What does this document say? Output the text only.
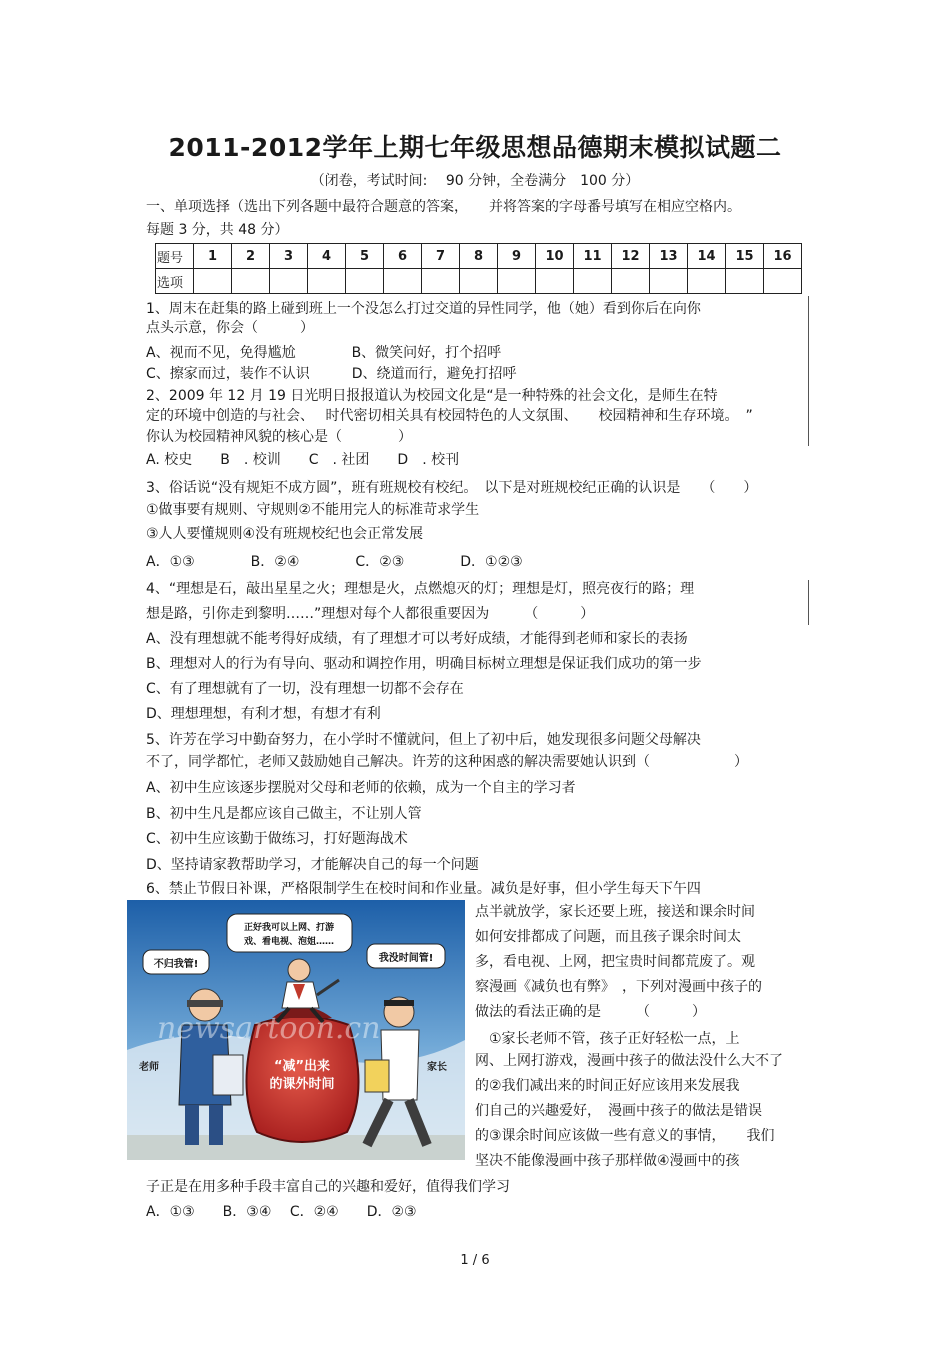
2011-2012学年上期七年级思想品德期末模拟试题二
（闭卷，考试时间:　 90 分钟，全卷满分　100 分）
一、单项选择（选出下列各题中最符合题意的答案，　　并将答案的字母番号填写在相应空格内。
每题 3 分，共 48 分）
题号	1	2	3	4	5	6	7	8	9	10	11	12	13	14	15	16
选项																
1、周末在赶集的路上碰到班上一个没怎么打过交道的异性同学，他（她）看到你后在向你
点头示意，你会（　　　）
A、视而不见，免得尴尬　　　　B、微笑问好，打个招呼
C、擦家而过，装作不认识　　　D、绕道而行，避免打招呼
2、2009 年 12 月 19 日光明日报报道认为校园文化是“是一种特殊的社会文化，是师生在特
定的环境中创造的与社会、　 时代密切相关具有校园特色的人文氛围、　　校园精神和生存环境。　”
你认为校园精神风貌的核心是（　　　　）
A. 校史　　B　. 校训　　C　. 社团　　D　. 校刊
3、俗话说“没有规矩不成方圆”，班有班规校有校纪。　以下是对班规校纪正确的认识是　　（　　）
①做事要有规则、守规则②不能用完人的标准苛求学生
③人人要懂规则④没有班规校纪也会正常发展
A．①③　　　　B．②④　　　　C．②③　　　　D．①②③
4、“理想是石，敲出星星之火；理想是火，点燃熄灭的灯；理想是灯，照亮夜行的路；理
想是路，引你走到黎明……”理想对每个人都很重要因为　　　（　　　）
A、没有理想就不能考得好成绩，有了理想才可以考好成绩，才能得到老师和家长的表扬
B、理想对人的行为有导向、驱动和调控作用，明确目标树立理想是保证我们成功的第一步
C、有了理想就有了一切，没有理想一切都不会存在
D、理想理想，有利才想，有想才有利
5、许芳在学习中勤奋努力，在小学时不懂就问，但上了初中后，她发现很多问题父母解决
不了，同学都忙，老师又鼓励她自己解决。许芳的这种困惑的解决需要她认识到（　　　　　　）
A、初中生应该逐步摆脱对父母和老师的依赖，成为一个自主的学习者
B、初中生凡是都应该自己做主，不让别人管
C、初中生应该勤于做练习，打好题海战术
D、坚持请家教帮助学习，才能解决自己的每一个问题
6、禁止节假日补课，严格限制学生在校时间和作业量。减负是好事，但小学生每天下午四
点半就放学，家长还要上班，接送和课余时间
如何安排都成了问题，而且孩子课余时间太
多，看电视、上网，把宝贵时间都荒废了。观
察漫画《减负也有弊》　，下列对漫画中孩子的
做法的看法正确的是　　　（　　　）
　①家长老师不管，孩子正好轻松一点，上
网、上网打游戏，漫画中孩子的做法没什么大不了
的②我们减出来的时间正好应该用来发展我
们自己的兴趣爱好，　漫画中孩子的做法是错误
的③课余时间应该做一些有意义的事情，　　我们
坚决不能像漫画中孩子那样做④漫画中的孩
子正是在用多种手段丰富自己的兴趣和爱好，值得我们学习
A．①③　　B．③④　 C．②④　　D．②③
“减”出来
的课外时间
不归我管!
正好我可以上网、打游
戏、看电视、泡姐……
我没时间管!
老师	家长
newsartoon.cn
1 / 6
